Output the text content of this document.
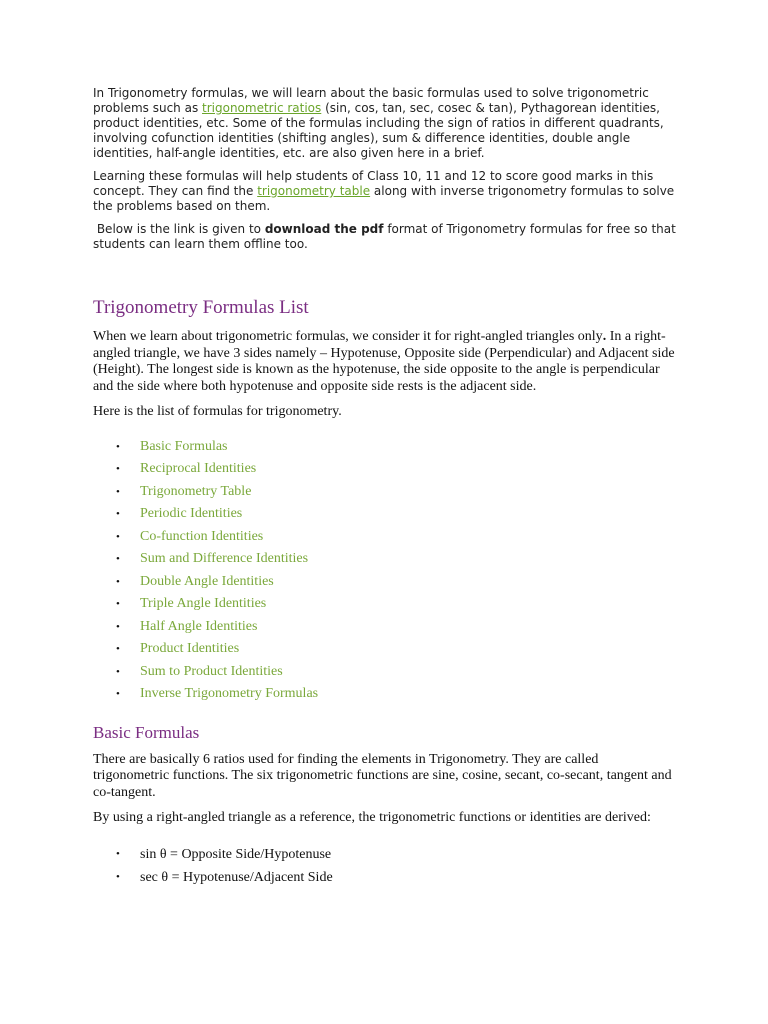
In Trigonometry formulas, we will learn about the basic formulas used to solve trigonometric problems such as trigonometric ratios (sin, cos, tan, sec, cosec & tan), Pythagorean identities, product identities, etc. Some of the formulas including the sign of ratios in different quadrants, involving cofunction identities (shifting angles), sum & difference identities, double angle identities, half-angle identities, etc. are also given here in a brief.

Learning these formulas will help students of Class 10, 11 and 12 to score good marks in this concept. They can find the trigonometry table along with inverse trigonometry formulas to solve the problems based on them.

Below is the link is given to download the pdf format of Trigonometry formulas for free so that students can learn them offline too.

Trigonometry Formulas List

When we learn about trigonometric formulas, we consider it for right-angled triangles only. In a right-angled triangle, we have 3 sides namely – Hypotenuse, Opposite side (Perpendicular) and Adjacent side (Height). The longest side is known as the hypotenuse, the side opposite to the angle is perpendicular and the side where both hypotenuse and opposite side rests is the adjacent side.

Here is the list of formulas for trigonometry.

• Basic Formulas
• Reciprocal Identities
• Trigonometry Table
• Periodic Identities
• Co-function Identities
• Sum and Difference Identities
• Double Angle Identities
• Triple Angle Identities
• Half Angle Identities
• Product Identities
• Sum to Product Identities
• Inverse Trigonometry Formulas
Basic Formulas

There are basically 6 ratios used for finding the elements in Trigonometry. They are called trigonometric functions. The six trigonometric functions are sine, cosine, secant, co-secant, tangent and co-tangent.

By using a right-angled triangle as a reference, the trigonometric functions or identities are derived:

• sin θ = Opposite Side/Hypotenuse
• sec θ = Hypotenuse/Adjacent Side
